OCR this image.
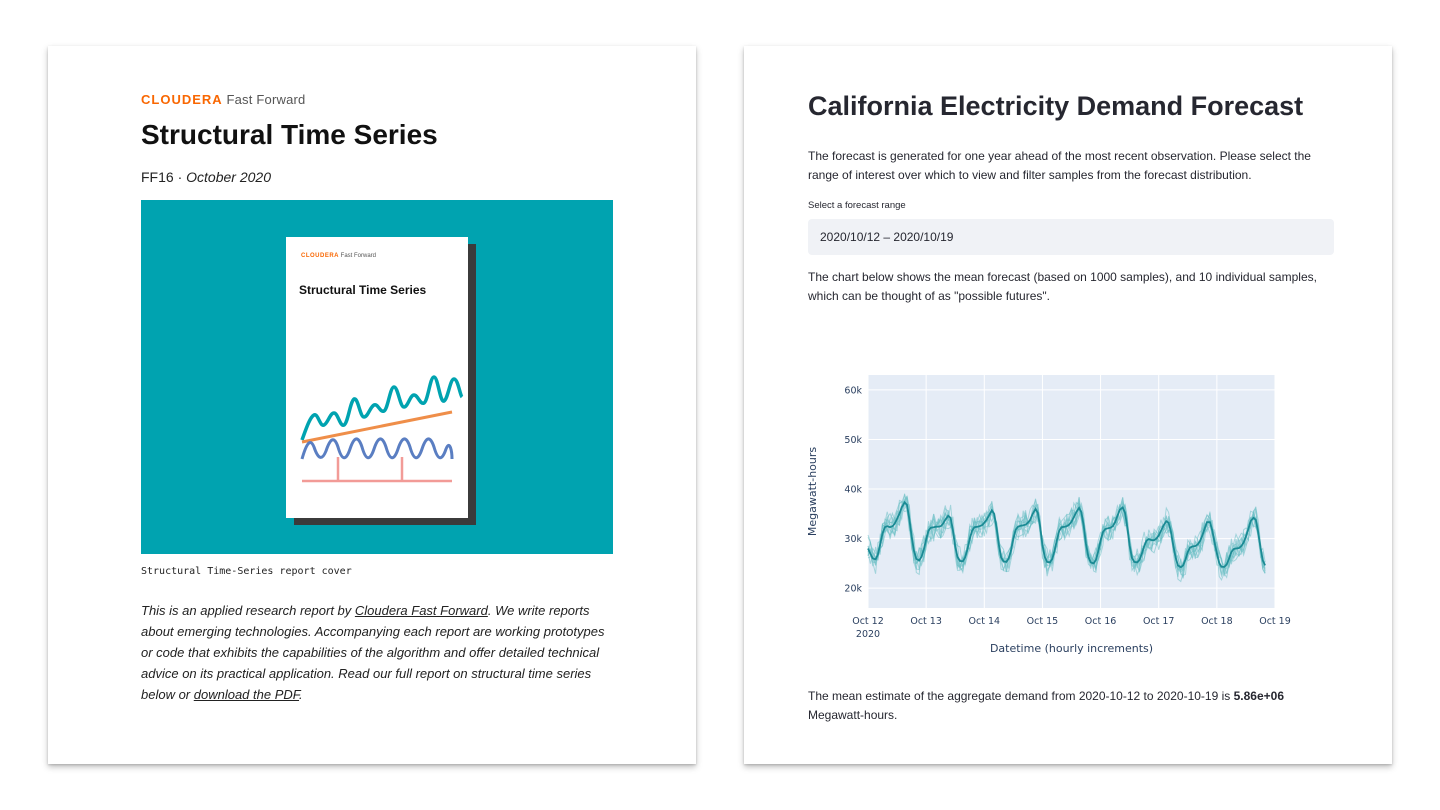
CLOUDERA Fast Forward
Structural Time Series
FF16 · October 2020
CLOUDERA Fast Forward
Structural Time Series
Structural Time-Series report cover
This is an applied research report by Cloudera Fast Forward. We write reports about emerging technologies. Accompanying each report are working prototypes or code that exhibits the capabilities of the algorithm and offer detailed technical advice on its practical application. Read our full report on structural time series below or download the PDF.
California Electricity Demand Forecast
The forecast is generated for one year ahead of the most recent observation. Please select the range of interest over which to view and filter samples from the forecast distribution.
Select a forecast range
2020/10/12 – 2020/10/19
The chart below shows the mean forecast (based on 1000 samples), and 10 individual samples, which can be thought of as "possible futures".
20k
30k
40k
50k
60k
Oct 12	Oct 13	Oct 14	Oct 15	Oct 16	Oct 17	Oct 18	Oct 19
2020
Datetime (hourly increments)
Megawatt-hours
The mean estimate of the aggregate demand from 2020-10-12 to 2020-10-19 is 5.86e+06
Megawatt-hours.
